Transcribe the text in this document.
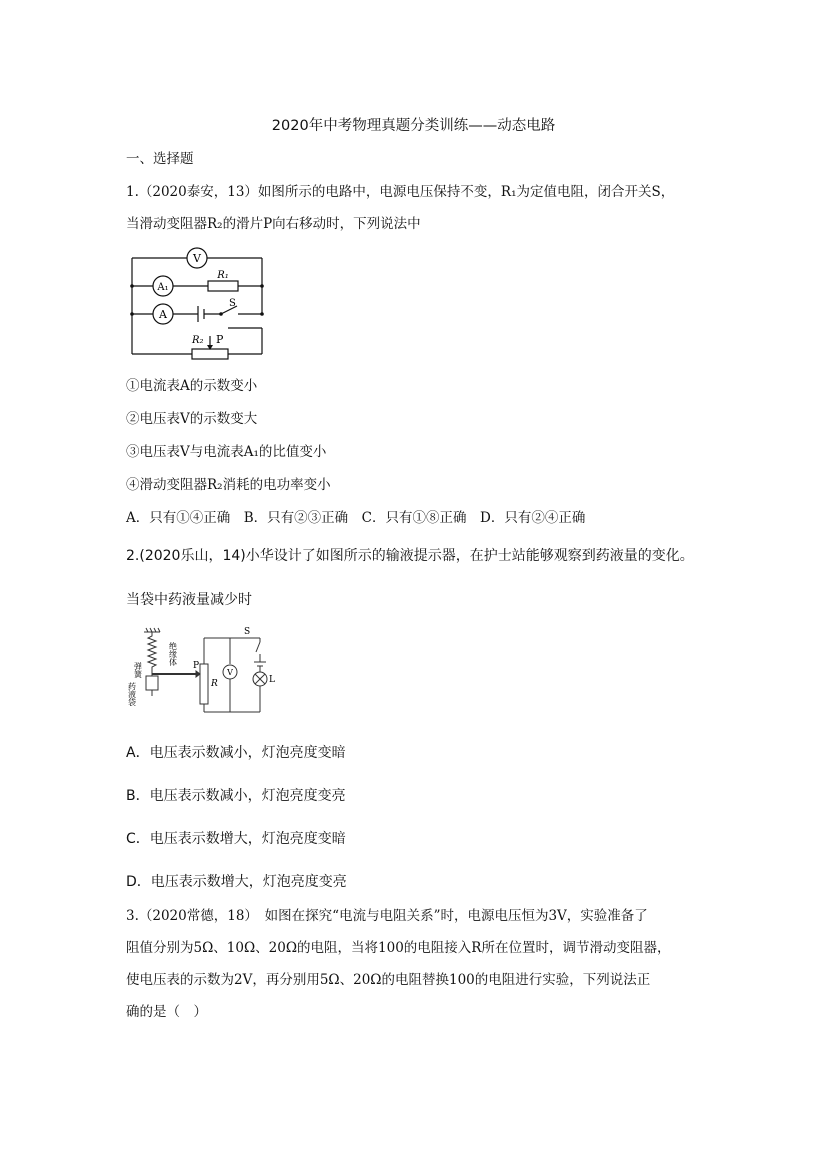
2020年中考物理真题分类训练——动态电路
一、选择题
1.（2020泰安，13）如图所示的电路中，电源电压保持不变，R₁为定值电阻，闭合开关S，
当滑动变阻器R₂的滑片P向右移动时，下列说法中
V
A₁
A
R₁
S
R₂ P
①电流表A的示数变小
②电压表V的示数变大
③电压表V与电流表A₁的比值变小
④滑动变阻器R₂消耗的电功率变小
A．只有①④正确　B．只有②③正确　C．只有①⑧正确　D．只有②④正确
2.(2020乐山，14)小华设计了如图所示的输液提示器，在护士站能够观察到药液量的变化。
当袋中药液量减少时
弹簧
绝缘体
药液袋
P
R
V
S
L
A．电压表示数减小，灯泡亮度变暗
B．电压表示数减小，灯泡亮度变亮
C．电压表示数增大，灯泡亮度变暗
D．电压表示数增大，灯泡亮度变亮
3.（2020常德，18）　如图在探究“电流与电阻关系”时，电源电压恒为3V，实验准备了
阻值分别为5Ω、10Ω、20Ω的电阻，当将100的电阻接入R所在位置时，调节滑动变阻器，
使电压表的示数为2V，再分别用5Ω、20Ω的电阻替换100的电阻进行实验，下列说法正
确的是（　）
